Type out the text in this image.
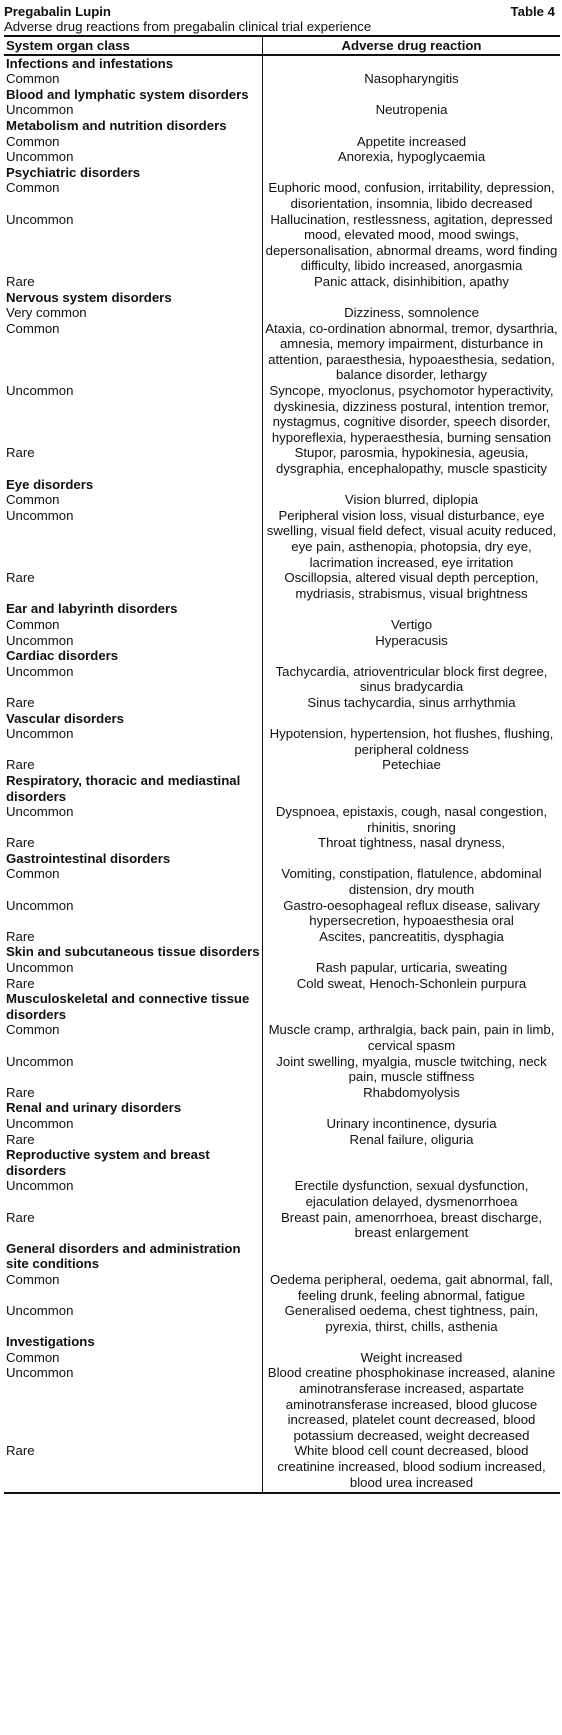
Pregabalin Lupin	Table 4
Adverse drug reactions from pregabalin clinical trial experience
System organ class	Adverse drug reaction
Infections and infestations	
Common	Nasopharyngitis
Blood and lymphatic system disorders	
Uncommon	Neutropenia
Metabolism and nutrition disorders	
Common	Appetite increased
Uncommon	Anorexia, hypoglycaemia
Psychiatric disorders	
Common	Euphoric mood, confusion, irritability, depression, disorientation, insomnia, libido decreased
Uncommon	Hallucination, restlessness, agitation, depressed mood, elevated mood, mood swings, depersonalisation, abnormal dreams, word finding difficulty, libido increased, anorgasmia
Rare	Panic attack, disinhibition, apathy
Nervous system disorders	
Very common	Dizziness, somnolence
Common	Ataxia, co-ordination abnormal, tremor, dysarthria, amnesia, memory impairment, disturbance in attention, paraesthesia, hypoaesthesia, sedation, balance disorder, lethargy
Uncommon	Syncope, myoclonus, psychomotor hyperactivity, dyskinesia, dizziness postural, intention tremor, nystagmus, cognitive disorder, speech disorder, hyporeflexia, hyperaesthesia, burning sensation
Rare	Stupor, parosmia, hypokinesia, ageusia, dysgraphia, encephalopathy, muscle spasticity
Eye disorders	
Common	Vision blurred, diplopia
Uncommon	Peripheral vision loss, visual disturbance, eye swelling, visual field defect, visual acuity reduced, eye pain, asthenopia, photopsia, dry eye, lacrimation increased, eye irritation
Rare	Oscillopsia, altered visual depth perception, mydriasis, strabismus, visual brightness
Ear and labyrinth disorders	
Common	Vertigo
Uncommon	Hyperacusis
Cardiac disorders	
Uncommon	Tachycardia, atrioventricular block first degree, sinus bradycardia
Rare	Sinus tachycardia, sinus arrhythmia
Vascular disorders	
Uncommon	Hypotension, hypertension, hot flushes, flushing, peripheral coldness
Rare	Petechiae
Respiratory, thoracic and mediastinal disorders	
Uncommon	Dyspnoea, epistaxis, cough, nasal congestion, rhinitis, snoring
Rare	Throat tightness, nasal dryness,
Gastrointestinal disorders	
Common	Vomiting, constipation, flatulence, abdominal distension, dry mouth
Uncommon	Gastro-oesophageal reflux disease, salivary hypersecretion, hypoaesthesia oral
Rare	Ascites, pancreatitis, dysphagia
Skin and subcutaneous tissue disorders	
Uncommon	Rash papular, urticaria, sweating
Rare	Cold sweat, Henoch-Schonlein purpura
Musculoskeletal and connective tissue disorders	
Common	Muscle cramp, arthralgia, back pain, pain in limb, cervical spasm
Uncommon	Joint swelling, myalgia, muscle twitching, neck pain, muscle stiffness
Rare	Rhabdomyolysis
Renal and urinary disorders	
Uncommon	Urinary incontinence, dysuria
Rare	Renal failure, oliguria
Reproductive system and breast disorders	
Uncommon	Erectile dysfunction, sexual dysfunction, ejaculation delayed, dysmenorrhoea
Rare	Breast pain, amenorrhoea, breast discharge, breast enlargement
General disorders and administration site conditions	
Common	Oedema peripheral, oedema, gait abnormal, fall, feeling drunk, feeling abnormal, fatigue
Uncommon	Generalised oedema, chest tightness, pain, pyrexia, thirst, chills, asthenia
Investigations	
Common	Weight increased
Uncommon	Blood creatine phosphokinase increased, alanine aminotransferase increased, aspartate aminotransferase increased, blood glucose increased, platelet count decreased, blood potassium decreased, weight decreased
Rare	White blood cell count decreased, blood creatinine increased, blood sodium increased, blood urea increased
